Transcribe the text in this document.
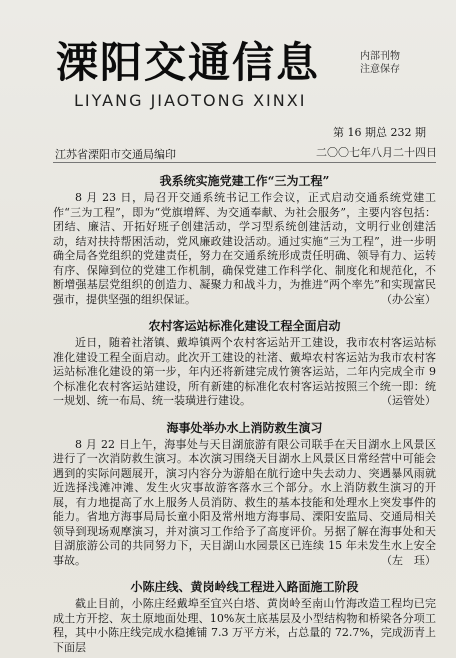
溧阳交通信息
LIYANG JIAOTONG XINXI
内部刊物
注意保存
第 16 期总 232 期
江苏省溧阳市交通局编印	二〇〇七年八月二十四日
我系统实施党建工作“三为工程”

8 月 23 日，局召开交通系统书记工作会议，正式启动交通系统党建工作“三为工程”，即为“党旗增辉、为交通奉献、为社会服务”，主要内容包括：团结、廉洁、开拓好班子创建活动，学习型系统创建活动，文明行业创建活动，结对扶持帮困活动，党风廉政建设活动。通过实施“三为工程”，进一步明确全局各党组织的党建责任，努力在交通系统形成责任明确、领导有力、运转有序、保障到位的党建工作机制，确保党建工作科学化、制度化和规范化，不断增强基层党组织的创造力、凝聚力和战斗力，为推进“两个率先”和实现富民强市，提供坚强的组织保证。	（办公室）

农村客运站标准化建设工程全面启动

近日，随着社渚镇、戴埠镇两个农村客运站开工建设，我市农村客运站标准化建设工程全面启动。此次开工建设的社渚、戴埠农村客运站为我市农村客运站标准化建设的第一步，年内还将新建完成竹箦客运站，二年内完成全市 9 个标准化农村客运站建设，所有新建的标准化农村客运站按照三个统一即：统一规划、统一布局、统一装璜进行建设。	（运管处）

海事处举办水上消防救生演习

8 月 22 日上午，海事处与天目湖旅游有限公司联手在天目湖水上风景区进行了一次消防救生演习。本次演习围绕天目湖水上风景区日常经营中可能会遇到的实际问题展开，演习内容分为游船在航行途中失去动力、突遇暴风雨就近选择浅滩冲滩、发生火灾事故游客落水三个部分。水上消防救生演习的开展，有力地提高了水上服务人员消防、救生的基本技能和处理水上突发事件的能力。省地方海事局局长童小阳及常州地方海事局、溧阳安监局、交通局相关领导到现场观摩演习，并对演习工作给予了高度评价。另据了解在海事处和天目湖旅游公司的共同努力下，天目湖山水园景区已连续 15 年未发生水上安全事故。	（左　珏）

小陈庄线、黄岗岭线工程进入路面施工阶段

截止目前，小陈庄经戴埠至宜兴白塔、黄岗岭至南山竹海改造工程均已完成土方开挖、灰土原地面处理、10%灰土底基层及小型结构物和桥梁各分项工程，其中小陈庄线完成水稳摊铺 7.3 万平方米，占总量的 72.7%，完成沥青上下面层
